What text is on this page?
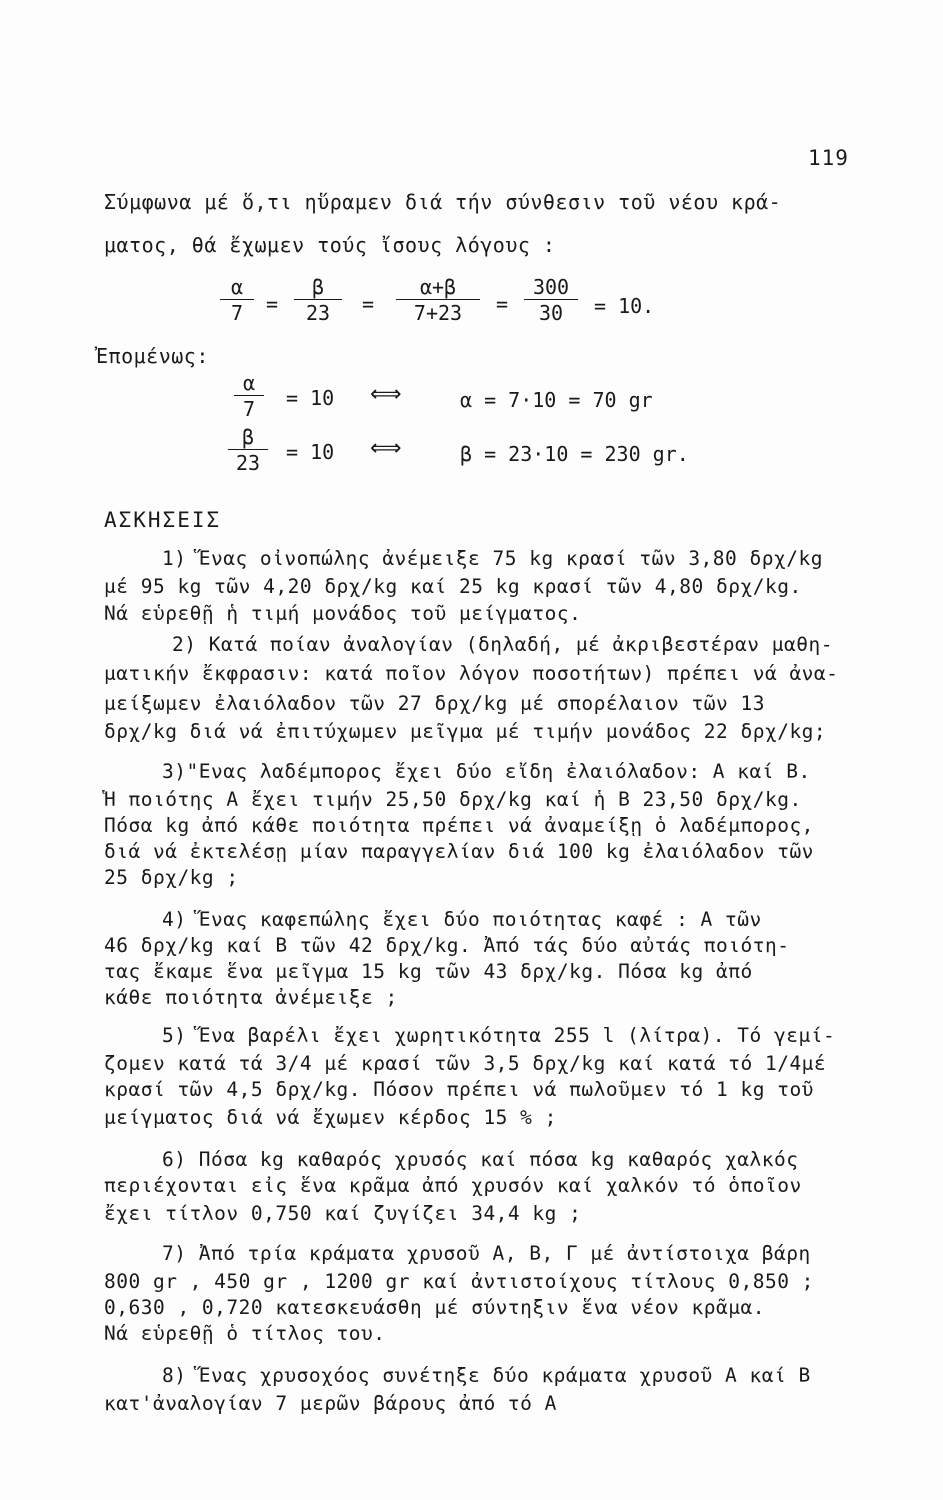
119
Σύμφωνα μέ ὅ,τι ηὕραμεν διά τήν σύνθεσιν τοῦ νέου κρά-
ματος, θά ἔχωμεν τούς ἴσους λόγους :
$\frac{\alpha}{7} = \frac{\beta}{23} = \frac{\alpha+\beta}{7+23} = \frac{300}{30} = 10$.
Ἐπομένως:
$\frac{\alpha}{7} = 10$ ⟺	α = 7·10 = 70 gr
$\frac{\beta}{23} = 10$ ⟺	β = 23·10 = 230 gr.
ΑΣΚΗΣΕΙΣ
1) Ἕνας οἰνοπώλης ἀνέμειξε 75 kg κρασί τῶν 3,80 δρχ/kg
μέ 95 kg τῶν 4,20 δρχ/kg καί 25 kg κρασί τῶν 4,80 δρχ/kg.
Νά εὑρεθῇ ἡ τιμή μονάδος τοῦ μείγματος.
2) Κατά ποίαν ἀναλογίαν (δηλαδή, μέ ἀκριβεστέραν μαθη-
ματικήν ἔκφρασιν: κατά ποῖον λόγον ποσοτήτων) πρέπει νά ἀνα-
μείξωμεν ἐλαιόλαδον τῶν 27 δρχ/kg μέ σπορέλαιον τῶν 13
δρχ/kg διά νά ἐπιτύχωμεν μεῖγμα μέ τιμήν μονάδος 22 δρχ/kg;
3)"Ενας λαδέμπορος ἔχει δύο εἴδη ἐλαιόλαδον: Α καί Β.
Ἡ ποιότης Α ἔχει τιμήν 25,50 δρχ/kg καί ἡ Β 23,50 δρχ/kg.
Πόσα kg ἀπό κάθε ποιότητα πρέπει νά ἀναμείξῃ ὁ λαδέμπορος,
διά νά ἐκτελέσῃ μίαν παραγγελίαν διά 100 kg ἐλαιόλαδον τῶν
25 δρχ/kg ;
4) Ἕνας καφεπώλης ἔχει δύο ποιότητας καφέ : Α τῶν
46 δρχ/kg καί Β τῶν 42 δρχ/kg. Ἀπό τάς δύο αὐτάς ποιότη-
τας ἔκαμε ἕνα μεῖγμα 15 kg τῶν 43 δρχ/kg. Πόσα kg ἀπό
κάθε ποιότητα ἀνέμειξε ;
5) Ἕνα βαρέλι ἔχει χωρητικότητα 255 l (λίτρα). Τό γεμί-
ζομεν κατά τά 3/4 μέ κρασί τῶν 3,5 δρχ/kg καί κατά τό 1/4μέ
κρασί τῶν 4,5 δρχ/kg. Πόσον πρέπει νά πωλοῦμεν τό 1 kg τοῦ
μείγματος διά νά ἔχωμεν κέρδος 15 % ;
6) Πόσα kg καθαρός χρυσός καί πόσα kg καθαρός χαλκός
περιέχονται εἰς ἕνα κρᾶμα ἀπό χρυσόν καί χαλκόν τό ὁποῖον
ἔχει τίτλον 0,750 καί ζυγίζει 34,4 kg ;
7) Ἀπό τρία κράματα χρυσοῦ Α, Β, Γ μέ ἀντίστοιχα βάρη
800 gr , 450 gr , 1200 gr καί ἀντιστοίχους τίτλους 0,850 ;
0,630 , 0,720 κατεσκευάσθη μέ σύντηξιν ἕνα νέον κρᾶμα.
Νά εὑρεθῇ ὁ τίτλος του.
8) Ἕνας χρυσοχόος συνέτηξε δύο κράματα χρυσοῦ Α καί Β
κατ'ἀναλογίαν 7 μερῶν βάρους ἀπό τό Α
